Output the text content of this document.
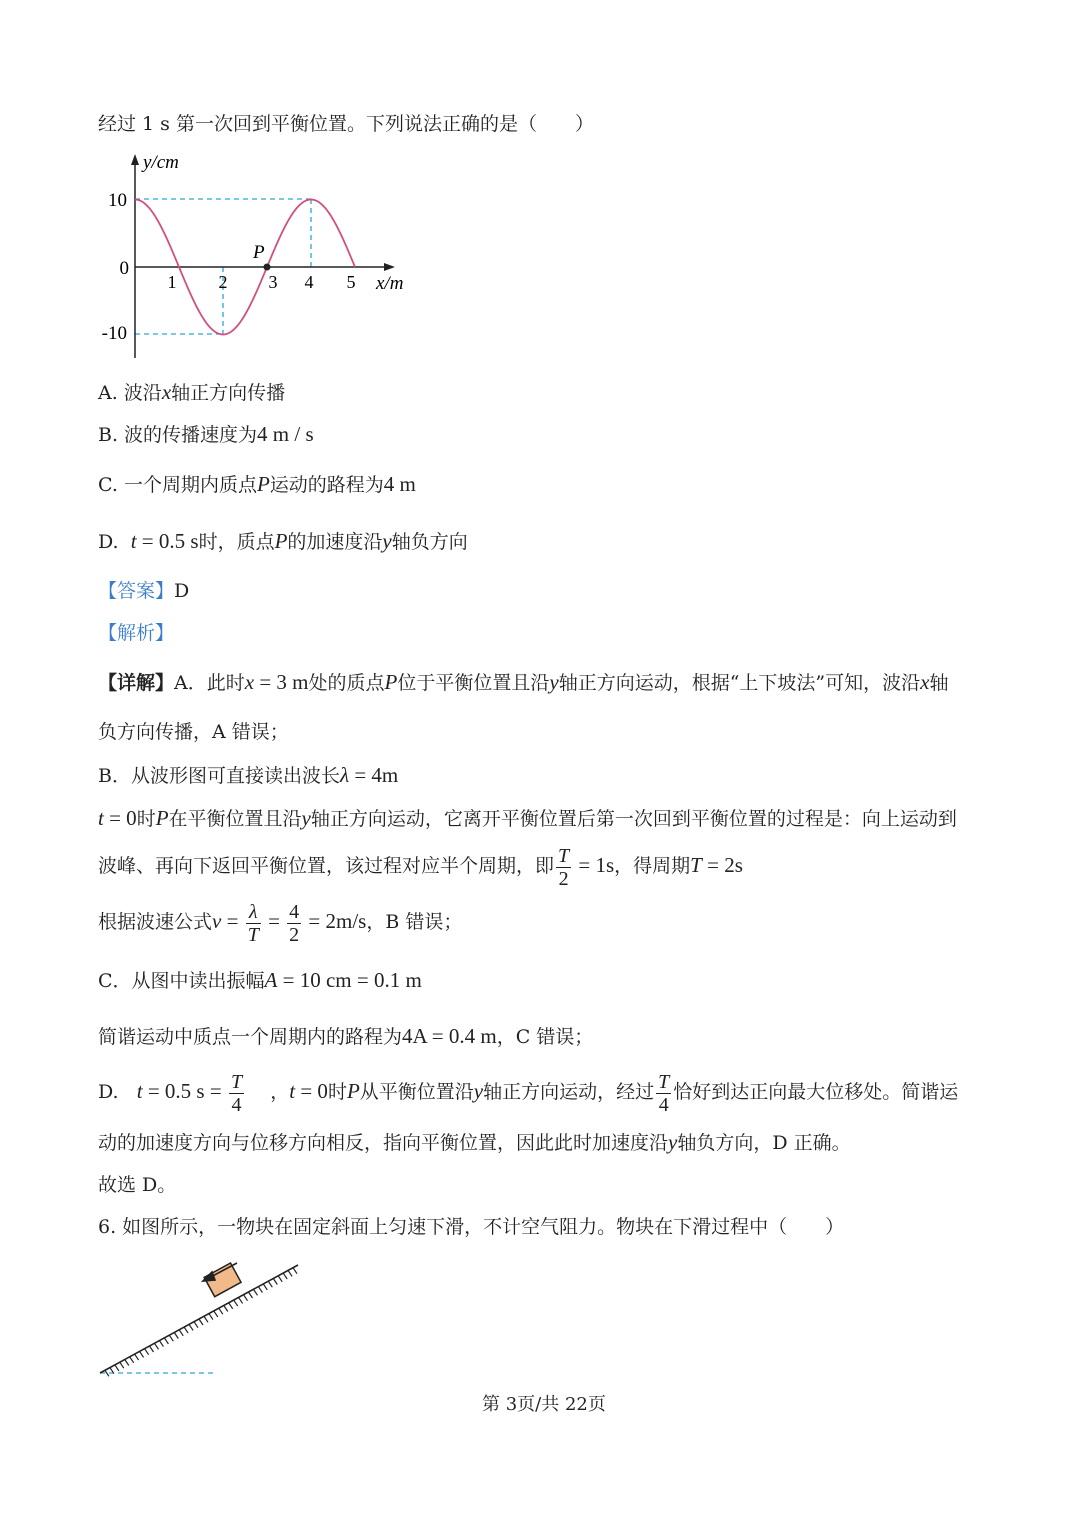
经过 1 s 第一次回到平衡位置。下列说法正确的是（　　）
y/cm
x/m
10
0
-10
1 2 3 4 5
P
A. 波沿x轴正方向传播
B. 波的传播速度为4 m / s
C. 一个周期内质点P运动的路程为4 m
D. t = 0.5 s时，质点P的加速度沿y轴负方向
【答案】D
【解析】
【详解】A．此时x = 3 m处的质点P位于平衡位置且沿y轴正方向运动，根据“上下坡法”可知，波沿x轴
负方向传播，A 错误；
B．从波形图可直接读出波长λ = 4m
t = 0时P在平衡位置且沿y轴正方向运动，它离开平衡位置后第一次回到平衡位置的过程是：向上运动到
波峰、再向下返回平衡位置，该过程对应半个周期，即 $\frac{T}{2} = 1s$，得周期T = 2s
根据波速公式$v = \frac{\lambda}{T} = \frac{4}{2} = 2m/s$，B 错误；
C．从图中读出振幅A = 10 cm = 0.1 m
简谐运动中质点一个周期内的路程为4A = 0.4 m，C 错误；
D. t = 0.5 $s = \frac{T}{4}$ ，t = 0时P从平衡位置沿y轴正方向运动，经过 $\frac{T}{4}$ 恰好到达正向最大位移处。简谐运
动的加速度方向与位移方向相反，指向平衡位置，因此此时加速度沿y轴负方向，D 正确。
故选 D。
6. 如图所示，一物块在固定斜面上匀速下滑，不计空气阻力。物块在下滑过程中（　　）
第 3页/共 22页
